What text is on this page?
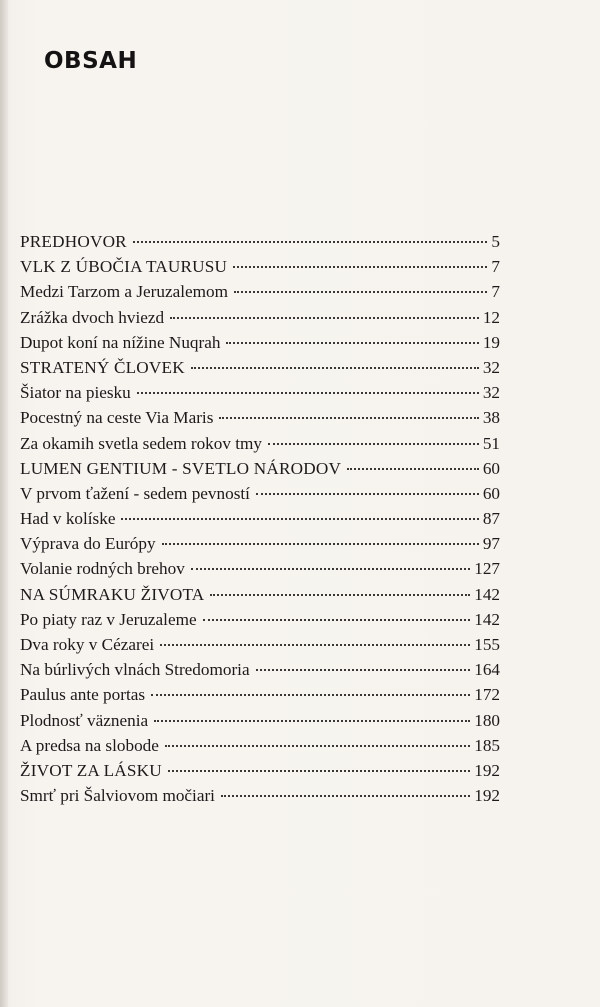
OBSAH
PREDHOVOR	5
VLK Z ÚBOČIA TAURUSU	7
Medzi Tarzom a Jeruzalemom	7
Zrážka dvoch hviezd	12
Dupot koní na nížine Nuqrah	19
STRATENÝ ČLOVEK	32
Šiator na piesku	32
Pocestný na ceste Via Maris	38
Za okamih svetla sedem rokov tmy	51
LUMEN GENTIUM - SVETLO NÁRODOV	60
V prvom ťažení - sedem pevností	60
Had v kolíske	87
Výprava do Európy	97
Volanie rodných brehov	127
NA SÚMRAKU ŽIVOTA	142
Po piaty raz v Jeruzaleme	142
Dva roky v Cézarei	155
Na búrlivých vlnách Stredomoria	164
Paulus ante portas	172
Plodnosť väznenia	180
A predsa na slobode	185
ŽIVOT ZA LÁSKU	192
Smrť pri Šalviovom močiari	192
